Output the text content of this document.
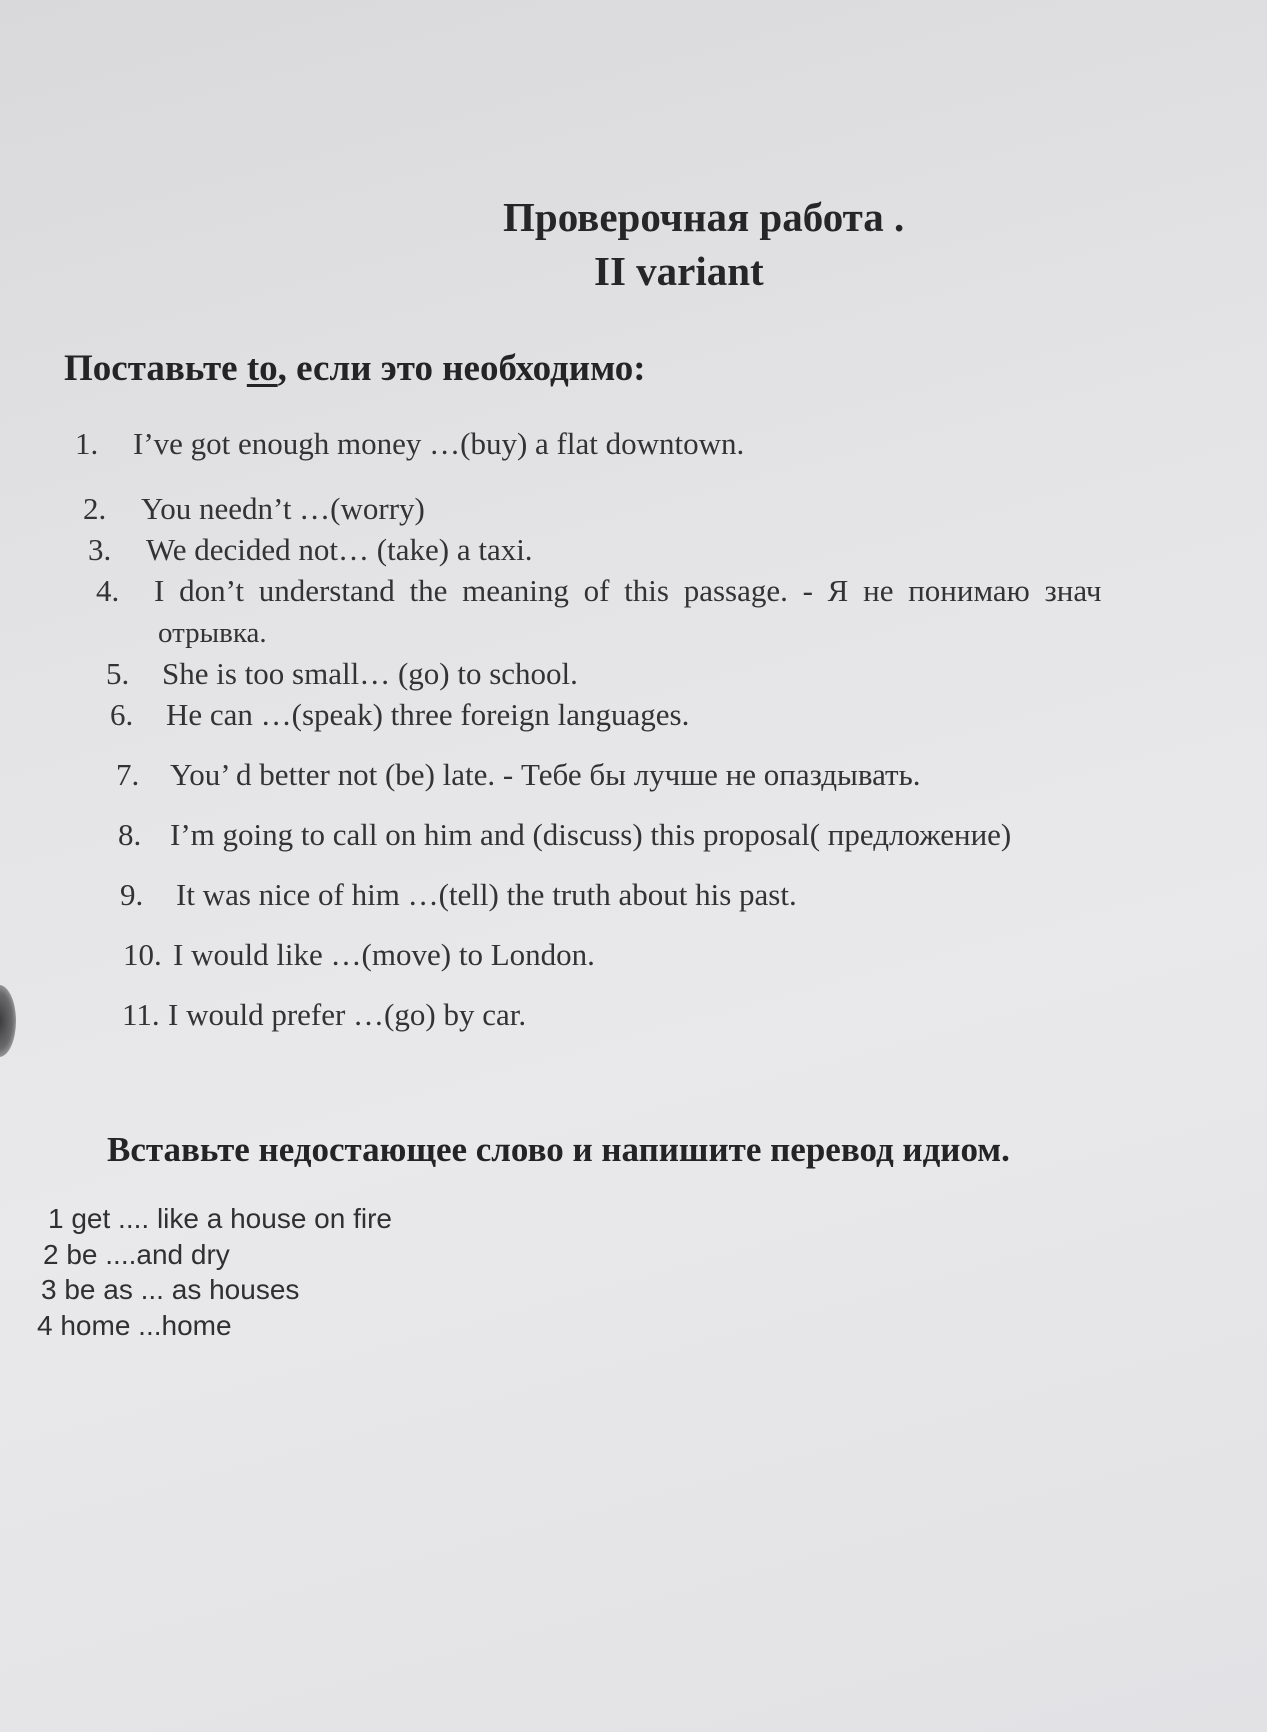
Проверочная работа .
II variant
Поставьте to, если это необходимо:
1. I’ve got enough money …(buy) a flat downtown.
2. You needn’t …(worry)
3. We decided not… (take) a taxi.
4. I don’t understand the meaning of this passage. - Я не понимаю знач
отрывка.
5. She is too small… (go) to school.
6. He can …(speak) three foreign languages.
7. You’ d better not (be) late. - Тебе бы лучше не опаздывать.
8. I’m going to call on him and (discuss) this proposal( предложение)
9. It was nice of him …(tell) the truth about his past.
10. I would like …(move) to London.
11. I would prefer …(go) by car.
Вставьте недостающее слово и напишите перевод идиом.
1 get .... like a house on fire
2 be ....and dry
3 be as ... as houses
4 home ...home
